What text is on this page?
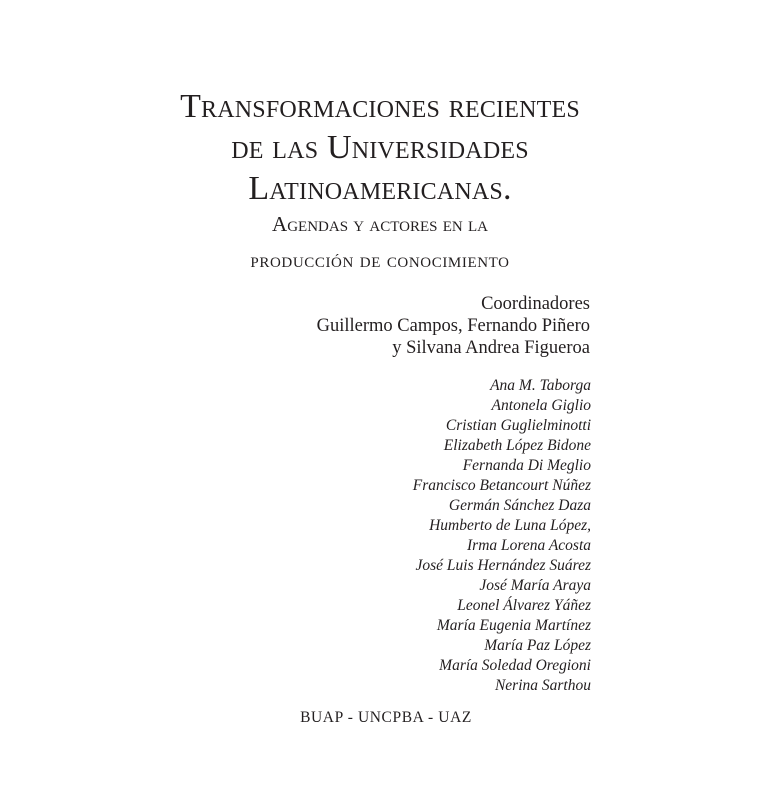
Transformaciones recientes
de las Universidades
Latinoamericanas.
Agendas y actores en la
producción de conocimiento
Coordinadores
Guillermo Campos, Fernando Piñero
y Silvana Andrea Figueroa
Ana M. Taborga
Antonela Giglio
Cristian Guglielminotti
Elizabeth López Bidone
Fernanda Di Meglio
Francisco Betancourt Núñez
Germán Sánchez Daza
Humberto de Luna López,
Irma Lorena Acosta
José Luis Hernández Suárez
José María Araya
Leonel Álvarez Yáñez
María Eugenia Martínez
María Paz López
María Soledad Oregioni
Nerina Sarthou
BUAP - UNCPBA - UAZ
